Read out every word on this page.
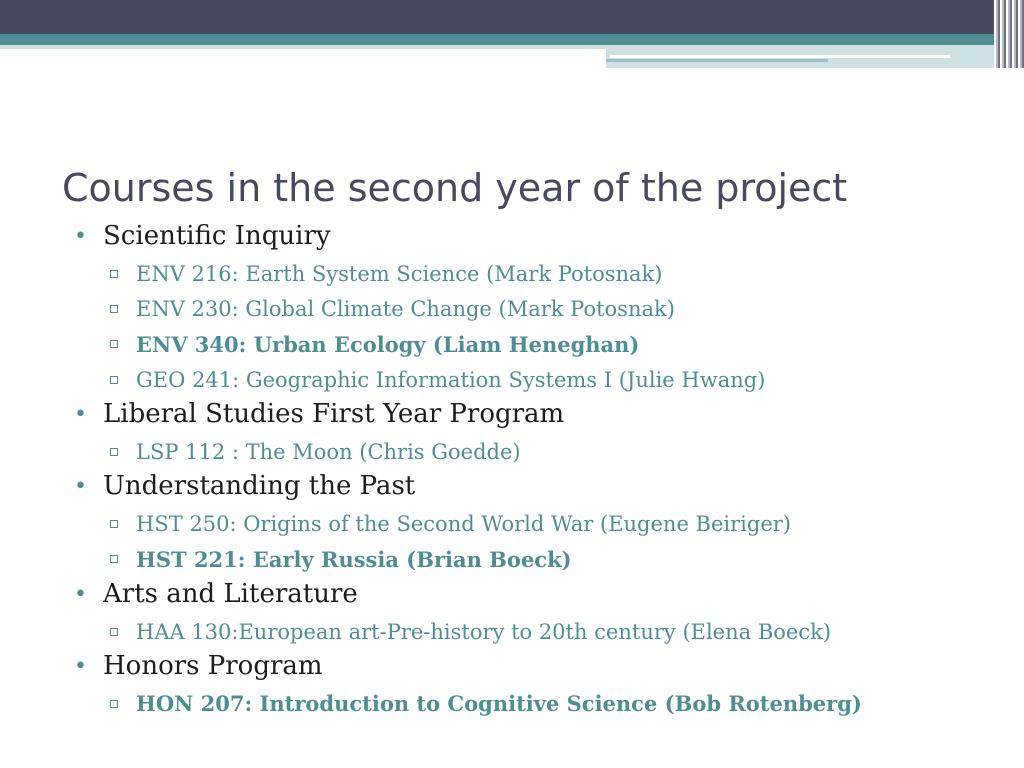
Courses in the second year of the project
• Scientific Inquiry
ENV 216: Earth System Science (Mark Potosnak)
ENV 230: Global Climate Change (Mark Potosnak)
ENV 340: Urban Ecology (Liam Heneghan)
GEO 241: Geographic Information Systems I (Julie Hwang)
• Liberal Studies First Year Program
LSP 112 : The Moon (Chris Goedde)
• Understanding the Past
HST 250: Origins of the Second World War (Eugene Beiriger)
HST 221: Early Russia (Brian Boeck)
• Arts and Literature
HAA 130:European art-Pre-history to 20th century (Elena Boeck)
• Honors Program
HON 207: Introduction to Cognitive Science (Bob Rotenberg)
